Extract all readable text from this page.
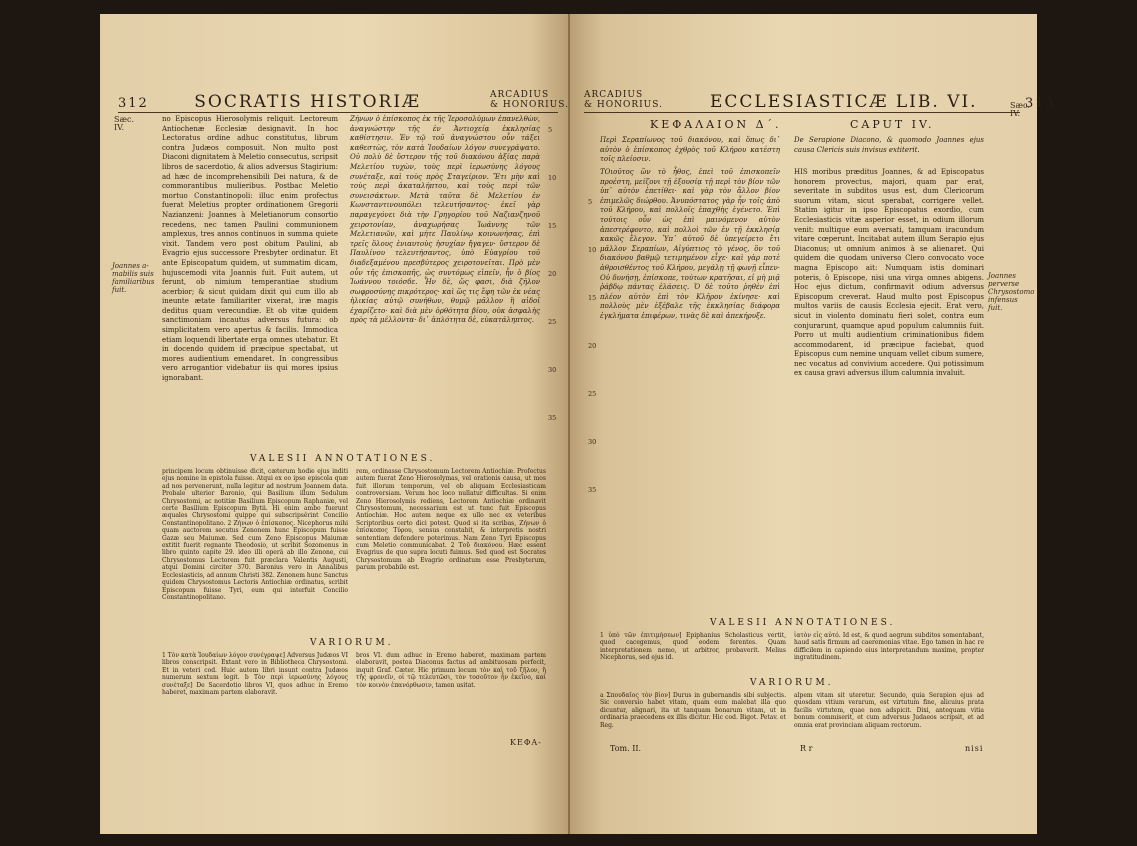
312	SOCRATIS HISTORIÆ	ARCADIUS
& HONORIUS.
Sæc.
IV.
Joannes a-mabilis suis familiaribus fuit.
no Episcopus Hierosolymis reliquit. Lectoreum Antiochenæ Ecclesiæ designavit. In hoc Lectoratus ordine adhuc constitutus, librum contra Judæos composuit. Non multo post Diaconi dignitatem à Meletio consecutus, scripsit libros de sacerdotio, & alios adversus Stagirium: ad hæc de incomprehensibili Dei natura, & de commorantibus mulieribus. Postbac Meletio mortuo Constantinopoli: illuc enim profectus fuerat Meletius propter ordinationem Gregorii Nazianzeni: Joannes à Meletianorum consortio recedens, nec tamen Paulini communionem amplexus, tres annos continuos in summa quiete vixit. Tandem vero post obitum Paulini, ab Evagrio ejus successore Presbyter ordinatur. Et ante Episcopatum quidem, ut summatim dicam, hujuscemodi vita Joannis fuit. Fuit autem, ut ferunt, ob nimium temperantiae studium acerbior; & sicut quidam dixit qui cum illo ab ineunte ætate familiariter vixerat, iræ magis deditus quam verecundiæ. Et ob vitæ quidem sanctimoniam incautus adversus futura: ob simplicitatem vero apertus & facilis. Immodica etiam loquendi libertate erga omnes utebatur. Et in docendo quidem id præcipue spectabat, ut mores audientium emendaret. In congressibus vero arrogantior videbatur iis qui mores ipsius ignorabant.
Ζήνων ὁ ἐπίσκοπος ἐκ τῆς Ἱεροσολύμων ἐπανελθὼν, ἀναγνώστην τῆς ἐν Ἀντιοχείᾳ ἐκκλησίας καθίστησιν. Ἐν τῷ τοῦ ἀναγνώστου οὖν τάξει καθεστὼς, τὸν κατὰ Ἰουδαίων λόγον συνεγράψατο. Οὐ πολὺ δὲ ὕστερον τῆς τοῦ διακόνου ἀξίας παρὰ Μελετίου τυχὼν, τοὺς περὶ ἱερωσύνης λόγους συνέταξε, καὶ τοὺς πρὸς Σταγείριον. Ἔτι μὴν καὶ τοὺς περὶ ἀκαταλήπτου, καὶ τοὺς περὶ τῶν συνεισάκτων. Μετὰ ταῦτα δὲ Μελετίου ἐν Κωνσταντινουπόλει τελευτήσαντος· ἐκεῖ γὰρ παραγεγόνει διὰ τὴν Γρηγορίου τοῦ Ναζιανζηνοῦ χειροτονίαν, ἀναχωρήσας Ἰωάννης τῶν Μελετιανῶν, καὶ μήτε Παυλίνῳ κοινωνήσας, ἐπὶ τρεῖς ὅλους ἐνιαυτοὺς ἡσυχίαν ἤγαγεν· ὕστερον δὲ Παυλίνου τελευτήσαντος, ὑπὸ Εὐαγρίου τοῦ διαδεξαμένου πρεσβύτερος χειροτονεῖται. Πρὸ μὲν οὖν τῆς ἐπισκοπῆς, ὡς συντόμως εἰπεῖν, ἦν ὁ βίος Ἰωάννου τοιόσδε. Ἦν δὲ, ὥς φασι, διὰ ζῆλον σωφροσύνης πικρότερος· καὶ ὥς τις ἔφη τῶν ἐκ νέας ἡλικίας αὐτῷ συνήθων, θυμῷ μᾶλλον ἢ αἰδοῖ ἐχαρίζετο· καὶ διὰ μὲν ὀρθότητα βίου, οὐκ ἀσφαλὴς πρὸς τὰ μέλλοντα· δι᾽ ἁπλότητα δὲ, εὐκατάληπτος.
5
10
15
20
25
30
35
VALESII ANNOTATIONES.
principem locum obtinuisse dicit, cæterum hodie ejus inditi ejus nomine in epistola fuisse. Atqui ex eo ipse episcola quæ ad nos pervenerunt, nulla legitur ad nostrum Joannem data. Probale ulterior Baronio, qui Basilium illum Sedulum Chrysostomi, ac notitiæ Basilium Episcopum Raphaniæ, vel certe Basilium Episcopum Bytii. Hi enim ambo fuerunt æquales Chrysostomi quippe qui subscripsêrint Concilio Constantinopolitano. 2 Ζήνων ὁ ἐπίσκοπος. Nicephorus mihi quam auctorem secutus Zenonem hunc Episcopum fuisse Gazæ seu Maiumæ. Sed cum Zeno Episcopus Maiumæ extitit fuerit regnante Theodosio, ut scribit Sozomenus in libro quinto capite 29. ideo illi operâ ab illo Zenone, cui Chrysostomus Lectorem fuit præclara Valentis Augusti, atqui Domini circiter 370. Baronius vero in Annalibus Ecclesiasticis, ad annum Christi 382. Zenonem hunc Sanctus quidem Chrysostomus Lectoris Antiochiæ ordinatus, scribit Episcopum fuisse Tyri, eum qui interfuit Concilio Constantinopolitano.
rem, ordinasse Chrysostomum Lectorem Antiochiæ. Profectus autem fuerat Zeno Hierosolymas, vel orationis causa, ut mos fuit illorum temporum, vel ob aliquam Ecclesiasticam controversiam. Verum hoc loco nullatur difficultas. Si enim Zeno Hierosolymis rediens, Lectorem Antiochiæ ordinavit Chrysostomum, necessarium est ut tunc fuit Episcopus Antiochiæ. Hoc autem neque ex ullo nec ex veteribus Scriptoribus certo dici potest. Quod si ita scribas, Ζήνων ὁ ἐπίσκοπος Τύρου, sensus constabit, & interpretis nostri sententiam defendere poterimus. Nam Zeno Tyri Episcopus cum Meletio communicabat. 2 Τοῦ διακόνου. Hæc essent Evagrius de quo supra locuti fuimus. Sed quod est Socrates Chrysostomum ab Evagrio ordinatum esse Presbyterum, parum probabile est.
VARIORUM.
1 Τὸν κατὰ Ἰουδαίων λόγον συνέγραψε] Adversus Judæos VI libros conscripsit. Extant vero in Bibliotheca Chrysostomi. Et in veteri cod. Huic autem libri insunt contra Judæos numerum sextum legit. b Τὸν περὶ ἱερωσύνης λόγους συνέταξε] De Sacerdotio libros VI, quos adhuc in Eremo haberet, maximam partem elaboravit.
bros VI. dum adhuc in Eremo haberet, maximam partem elaboravit, postea Diaconus factus ad ambituosam perfecit, inquit Graf. Cæter. Hic primum locum τὸν καὶ τοῦ ζῆλον, ἢ τῆς φρονεῖν, οἱ τῷ τελευτῶσι, τὸν τοσοῦτον ἦν ἐκεῖνο, καὶ τὸν κοινὸν ἐπανόρθωσιν, tamen usitat.
ΚΕΦΑ-
ARCADIUS
& HONORIUS.	ECCLESIASTICÆ LIB. VI.	313
Sæc.
IV.
Joannes perverse Chrysostomo infensus fuit.
ΚΕΦΑΛΑΙΟΝ Δ΄.	CAPUT IV.
Περὶ Σεραπίωνος τοῦ διακόνου, καὶ ὅπως δι᾽ αὐτὸν ὁ ἐπίσκοπος ἐχθρὸς τοῦ Κλήρου κατέστη τοῖς πλείοσιν.
De Serapione Diacono, & quomodo Joannes ejus causa Clericis suis invisus extiterit.
ΤΟιοῦτος ὢν τὸ ἦθος, ἐπεὶ τοῦ ἐπισκοπεῖν προέστη, μείζονι τῇ ἐξουσίᾳ τῇ περὶ τὸν βίον τῶν ὑπ᾽ αὐτὸν ἐπετίθει· καὶ γὰρ τὸν ἄλλον βίον ἐπιμελῶς διώρθου. Ἀνυπόστατος γὰρ ἦν τοῖς ἀπὸ τοῦ Κλήρου, καὶ πολλοῖς ἐπαχθὴς ἐγένετο. Ἐπὶ τούτοις οὖν ὡς ἐπὶ μαινόμενον αὐτὸν ἀπεστρέφοντο, καὶ πολλοὶ τῶν ἐν τῇ ἐκκλησίᾳ κακῶς ἔλεγον. Ὑπ᾽ αὐτοῦ δὲ ὑπεγείρετο ἔτι μᾶλλον Σεραπίων, Αἰγύπτιος τὸ γένος, ὃν τοῦ διακόνου βαθμῷ τετιμημένον εἶχε· καὶ γὰρ ποτὲ ἀθροισθέντος τοῦ Κλήρου, μεγάλῃ τῇ φωνῇ εἶπεν· Οὐ δυνήσῃ, ἐπίσκοπε, τούτων κρατῆσαι, εἰ μὴ μιᾷ ῥάβδῳ πάντας ἐλάσεις. Ὁ δὲ τοῦτο ῥηθὲν ἐπὶ πλέον αὐτὸν ἐπὶ τὸν Κλῆρον ἐκίνησε· καὶ πολλοὺς μὲν ἐξέβαλε τῆς ἐκκλησίας διάφορα ἐγκλήματα ἐπιφέρων, τινὰς δὲ καὶ ἀπεκήρυξε.
HIS moribus præditus Joannes, & ad Episcopatus honorem provectus, majori, quam par erat, severitate in subditos usus est, dum Clericorum suorum vitam, sicut sperabat, corrigere vellet. Statim igitur in ipso Episcopatus exordio, cum Ecclesiasticis vitæ asperior esset, in odium illorum venit: multique eum aversati, tamquam iracundum vitare cœperunt. Incitabat autem illum Serapio ejus Diaconus; ut omnium animos à se alienaret. Qui quidem die quodam universo Clero convocato voce magna Episcopo ait: Numquam istis dominari poteris, ô Episcope, nisi una virga omnes abigens. Hoc ejus dictum, confirmavit odium adversus Episcopum creverat. Haud multo post Episcopus multos variis de causis Ecclesia ejecit. Erat vero, sicut in violento dominatu fieri solet, contra eum conjurarunt, quamque apud populum calumniis fuit. Porro ut multi audientium criminationibus fidem accommodarent, id præcipue faciebat, quod Episcopus cum nemine unquam vellet cibum sumere, nec vocatus ad convivium accedere. Qui potissimum ex causa gravi adversus illum calumnia invaluit.
5
10
15
20
25
30
35
VALESII ANNOTATIONES.
1 ὑπὸ τῶν ἐπιτιμήσεων] Epiphanius Scholasticus vertit, quod cacegemus, quod eodem ferentes. Quam interpretationem nemo, ut arbitror, probaverit. Melius Nicephorus, sed ejus id.
ἰατὸν εἰς αὐτό. Id est, & quod aegrum subditos somentabant, haud satis firmum ad caeremonias vitae. Ego tamen in hac re difficilem in capiendo eius interpretandum maxime, propter ingratitudinem.
VARIORUM.
a Σπουδαῖος τὸν βίον] Durus in gubernandis sibi subjectis. Sic conversio habet vitam, quam eum malebat illa quo dicuntur, alignari, ita ut tanquam bonarum vitam, ut in ordinaria praecedens ex illis dicitur. Hic cod. Bigot. Petav. et Reg.
alpem vitam sit uteretur. Secundo, quia Serapion ejus ad quosdam vitium verarum, est virtutum fine, alicuius prata facilis virtutem, quae non adspicit. Dixi, antequam vitia bonum commiserit, et cum adversus Judaeos scripsit, et ad omnia erat provinciam aliquam rectorum.
Tom. II.	R r	nisi
